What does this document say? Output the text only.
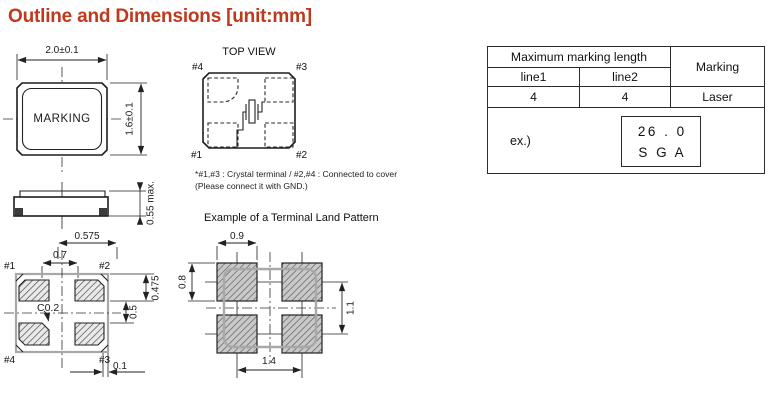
Outline and Dimensions [unit:mm]
2.0±0.1
1.6±0.1
MARKING
TOP VIEW
#4	#3
#1	#2
*#1,#3 : Crystal terminal / #2,#4 : Connected to cover
(Please connect it with GND.)
0.55 max.
0.575
0.7
#1	#2
#4	#3
C0.2	0.5
0.475
0.1
Example of a Terminal Land Pattern
0.9
0.8
1.1
1.4
Maximum marking length		Marking
line1	line2	
4	4	Laser

ex.)
26 . 0
S G A		
